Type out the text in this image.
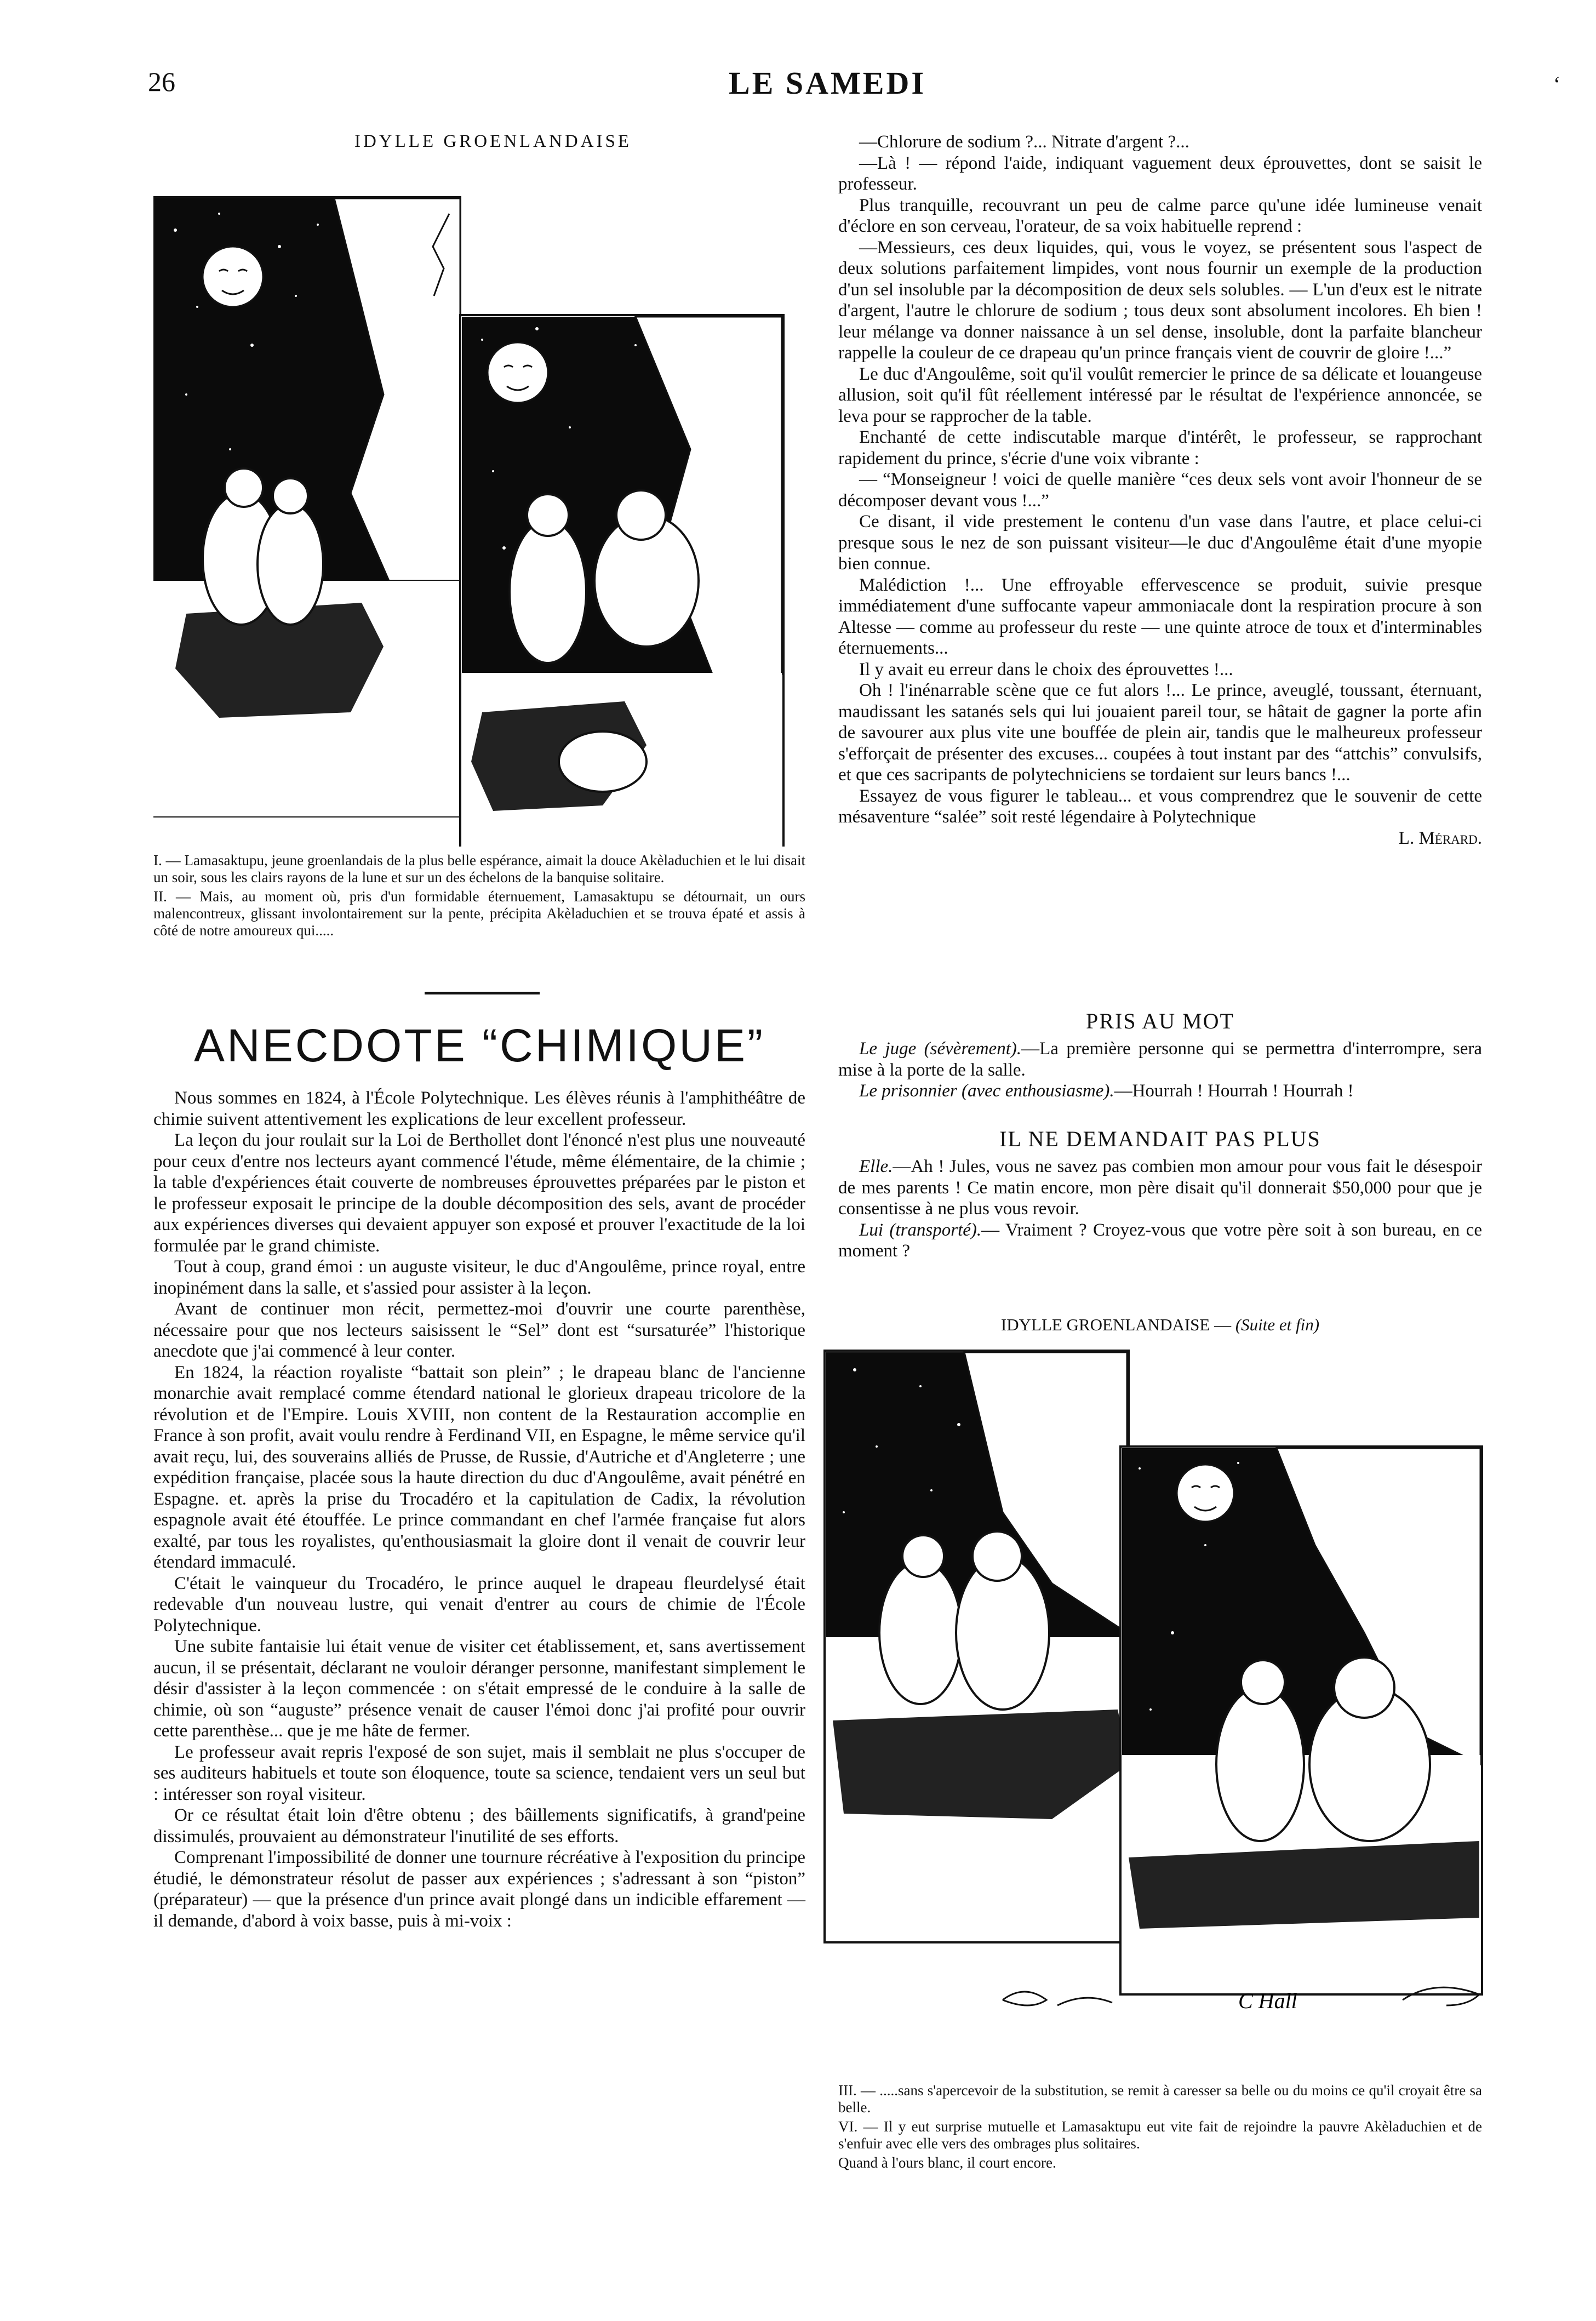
26	LE SAMEDI	ʻ
IDYLLE GROENLANDAISE

I. — Lamasaktupu, jeune groenlandais de la plus belle espérance, aimait la douce Akèladuchien et le lui disait un soir, sous les clairs rayons de la lune et sur un des échelons de la banquise solitaire.

II. — Mais, au moment où, pris d'un formidable éternuement, Lamasaktupu se détournait, un ours malencontreux, glissant involontairement sur la pente, précipita Akèladuchien et se trouva épaté et assis à côté de notre amoureux qui.....

ANECDOTE “CHIMIQUE”

Nous sommes en 1824, à l'École Polytechnique. Les élèves réunis à l'amphithéâtre de chimie suivent attentivement les explications de leur excellent professeur.

La leçon du jour roulait sur la Loi de Berthollet dont l'énoncé n'est plus une nouveauté pour ceux d'entre nos lecteurs ayant commencé l'étude, même élémentaire, de la chimie ; la table d'expériences était couverte de nombreuses éprouvettes préparées par le piston et le professeur exposait le principe de la double décomposition des sels, avant de procéder aux expériences diverses qui devaient appuyer son exposé et prouver l'exactitude de la loi formulée par le grand chimiste.

Tout à coup, grand émoi : un auguste visiteur, le duc d'Angoulême, prince royal, entre inopinément dans la salle, et s'assied pour assister à la leçon.

Avant de continuer mon récit, permettez-moi d'ouvrir une courte parenthèse, nécessaire pour que nos lecteurs saisissent le “Sel” dont est “sursaturée” l'historique anecdote que j'ai commencé à leur conter.

En 1824, la réaction royaliste “battait son plein” ; le drapeau blanc de l'ancienne monarchie avait remplacé comme étendard national le glorieux drapeau tricolore de la révolution et de l'Empire. Louis XVIII, non content de la Restauration accomplie en France à son profit, avait voulu rendre à Ferdinand VII, en Espagne, le même service qu'il avait reçu, lui, des souverains alliés de Prusse, de Russie, d'Autriche et d'Angleterre ; une expédition française, placée sous la haute direction du duc d'Angoulême, avait pénétré en Espagne. et. après la prise du Trocadéro et la capitulation de Cadix, la révolution espagnole avait été étouffée. Le prince commandant en chef l'armée française fut alors exalté, par tous les royalistes, qu'enthousiasmait la gloire dont il venait de couvrir leur étendard immaculé.

C'était le vainqueur du Trocadéro, le prince auquel le drapeau fleurdelysé était redevable d'un nouveau lustre, qui venait d'entrer au cours de chimie de l'École Polytechnique.

Une subite fantaisie lui était venue de visiter cet établissement, et, sans avertissement aucun, il se présentait, déclarant ne vouloir déranger personne, manifestant simplement le désir d'assister à la leçon commencée : on s'était empressé de le conduire à la salle de chimie, où son “auguste” présence venait de causer l'émoi donc j'ai profité pour ouvrir cette parenthèse... que je me hâte de fermer.

Le professeur avait repris l'exposé de son sujet, mais il semblait ne plus s'occuper de ses auditeurs habituels et toute son éloquence, toute sa science, tendaient vers un seul but : intéresser son royal visiteur.

Or ce résultat était loin d'être obtenu ; des bâillements significatifs, à grand'peine dissimulés, prouvaient au démonstrateur l'inutilité de ses efforts.

Comprenant l'impossibilité de donner une tournure récréative à l'exposition du principe étudié, le démonstrateur résolut de passer aux expériences ; s'adressant à son “piston” (préparateur) — que la présence d'un prince avait plongé dans un indicible effarement — il demande, d'abord à voix basse, puis à mi-voix :

—Chlorure de sodium ?... Nitrate d'argent ?...

—Là ! — répond l'aide, indiquant vaguement deux éprouvettes, dont se saisit le professeur.

Plus tranquille, recouvrant un peu de calme parce qu'une idée lumineuse venait d'éclore en son cerveau, l'orateur, de sa voix habituelle reprend :

—Messieurs, ces deux liquides, qui, vous le voyez, se présentent sous l'aspect de deux solutions parfaitement limpides, vont nous fournir un exemple de la production d'un sel insoluble par la décomposition de deux sels solubles. — L'un d'eux est le nitrate d'argent, l'autre le chlorure de sodium ; tous deux sont absolument incolores. Eh bien ! leur mélange va donner naissance à un sel dense, insoluble, dont la parfaite blancheur rappelle la couleur de ce drapeau qu'un prince français vient de couvrir de gloire !...”

Le duc d'Angoulême, soit qu'il voulût remercier le prince de sa délicate et louangeuse allusion, soit qu'il fût réellement intéressé par le résultat de l'expérience annoncée, se leva pour se rapprocher de la table.

Enchanté de cette indiscutable marque d'intérêt, le professeur, se rapprochant rapidement du prince, s'écrie d'une voix vibrante :

— “Monseigneur ! voici de quelle manière “ces deux sels vont avoir l'honneur de se décomposer devant vous !...”

Ce disant, il vide prestement le contenu d'un vase dans l'autre, et place celui-ci presque sous le nez de son puissant visiteur—le duc d'Angoulême était d'une myopie bien connue.

Malédiction !... Une effroyable effervescence se produit, suivie presque immédiatement d'une suffocante vapeur ammoniacale dont la respiration procure à son Altesse — comme au professeur du reste — une quinte atroce de toux et d'interminables éternuements...

Il y avait eu erreur dans le choix des éprouvettes !...

Oh ! l'inénarrable scène que ce fut alors !... Le prince, aveuglé, toussant, éternuant, maudissant les satanés sels qui lui jouaient pareil tour, se hâtait de gagner la porte afin de savourer aux plus vite une bouffée de plein air, tandis que le malheureux professeur s'efforçait de présenter des excuses... coupées à tout instant par des “attchis” convulsifs, et que ces sacripants de polytechniciens se tordaient sur leurs bancs !...

Essayez de vous figurer le tableau... et vous comprendrez que le souvenir de cette mésaventure “salée” soit resté légendaire à Polytechnique

L. Mérard.
PRIS AU MOT

Le juge (sévèrement).—La première personne qui se permettra d'interrompre, sera mise à la porte de la salle.

Le prisonnier (avec enthousiasme).—Hourrah ! Hourrah ! Hourrah !

IL NE DEMANDAIT PAS PLUS

Elle.—Ah ! Jules, vous ne savez pas combien mon amour pour vous fait le désespoir de mes parents ! Ce matin encore, mon père disait qu'il donnerait $50,000 pour que je consentisse à ne plus vous revoir.

Lui (transporté).— Vraiment ? Croyez-vous que votre père soit à son bureau, en ce moment ?

IDYLLE GROENLANDAISE — (Suite et fin)
C Hall

III. — .....sans s'apercevoir de la substitution, se remit à caresser sa belle ou du moins ce qu'il croyait être sa belle.

VI. — Il y eut surprise mutuelle et Lamasaktupu eut vite fait de rejoindre la pauvre Akèladuchien et de s'enfuir avec elle vers des ombrages plus solitaires.

Quand à l'ours blanc, il court encore.
